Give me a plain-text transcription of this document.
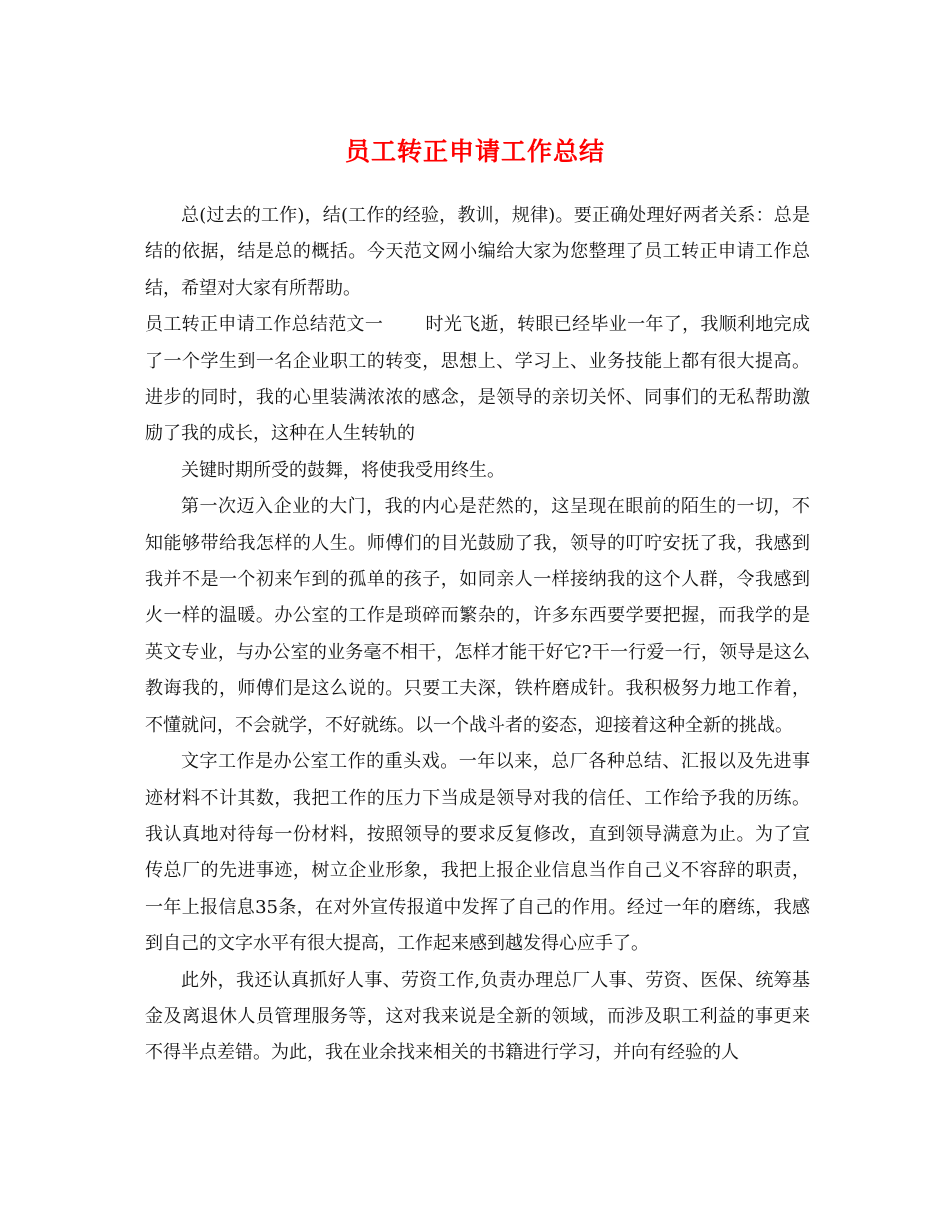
员工转正申请工作总结

总(过去的工作)，结(工作的经验，教训，规律)。要正确处理好两者关系：总是结的依据，结是总的概括。今天范文网小编给大家为您整理了员工转正申请工作总结，希望对大家有所帮助。

员工转正申请工作总结范文一 时光飞逝，转眼已经毕业一年了，我顺利地完成了一个学生到一名企业职工的转变，思想上、学习上、业务技能上都有很大提高。进步的同时，我的心里装满浓浓的感念，是领导的亲切关怀、同事们的无私帮助激励了我的成长，这种在人生转轨的

关键时期所受的鼓舞，将使我受用终生。

第一次迈入企业的大门，我的内心是茫然的，这呈现在眼前的陌生的一切，不知能够带给我怎样的人生。师傅们的目光鼓励了我，领导的叮咛安抚了我，我感到我并不是一个初来乍到的孤单的孩子，如同亲人一样接纳我的这个人群，令我感到火一样的温暖。办公室的工作是琐碎而繁杂的，许多东西要学要把握，而我学的是英文专业，与办公室的业务毫不相干，怎样才能干好它?干一行爱一行，领导是这么教诲我的，师傅们是这么说的。只要工夫深，铁杵磨成针。我积极努力地工作着，不懂就问，不会就学，不好就练。以一个战斗者的姿态，迎接着这种全新的挑战。

文字工作是办公室工作的重头戏。一年以来，总厂各种总结、汇报以及先进事迹材料不计其数，我把工作的压力下当成是领导对我的信任、工作给予我的历练。我认真地对待每一份材料，按照领导的要求反复修改，直到领导满意为止。为了宣传总厂的先进事迹，树立企业形象，我把上报企业信息当作自己义不容辞的职责，一年上报信息35条，在对外宣传报道中发挥了自己的作用。经过一年的磨练，我感到自己的文字水平有很大提高，工作起来感到越发得心应手了。

此外，我还认真抓好人事、劳资工作,负责办理总厂人事、劳资、医保、统筹基金及离退休人员管理服务等，这对我来说是全新的领域，而涉及职工利益的事更来不得半点差错。为此，我在业余找来相关的书籍进行学习，并向有经验的人
